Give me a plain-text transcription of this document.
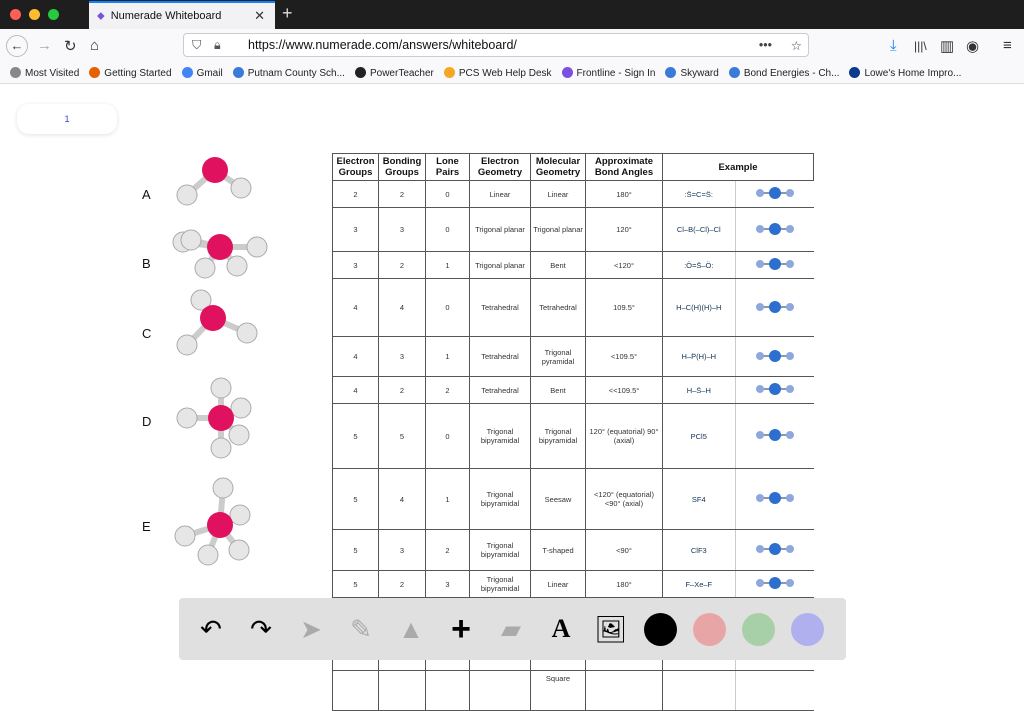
⬥ Numerade Whiteboard	✕ +
← → ↻ ⌂	⤓ |||\ ▥ ◉ ≡
⛉ 🔒︎ https://www.numerade.com/answers/whiteboard/	••• ☆
Most Visited	Getting Started	Gmail	Putnam County Sch...	PowerTeacher	PCS Web Help Desk	Frontline - Sign In	Skyward	Bond Energies - Ch...	Lowe's Home Impro...
1
A
B
C
D
E
Electron Groups	Bonding Groups	Lone Pairs	Electron Geometry	Molecular Geometry	Approximate Bond Angles	Example	
2	2	0	Linear	Linear	180°	:S̈=C=S̈:	
3	3	0	Trigonal planar	Trigonal planar	120°	Cl–B(–Cl)–Cl	
3	2	1	Trigonal planar	Bent	<120°	:Ö=S̈–Ö:	
4	4	0	Tetrahedral	Tetrahedral	109.5°	H–C(H)(H)–H	
4	3	1	Tetrahedral	Trigonal pyramidal	<109.5°	H–P̈(H)–H	
4	2	2	Tetrahedral	Bent	<<109.5°	H–S̈–H	
5	5	0	Trigonal bipyramidal	Trigonal bipyramidal	120° (equatorial) 90° (axial)	PCl5	
5	4	1	Trigonal bipyramidal	Seesaw	<120° (equatorial) <90° (axial)	SF4	
5	3	2	Trigonal bipyramidal	T-shaped	<90°	ClF3	
5	2	3	Trigonal bipyramidal	Linear	180°	F–Xe–F	

				Square			
↶ ↷ ➤ ✎ ▲ + ▰ A 🖼︎
